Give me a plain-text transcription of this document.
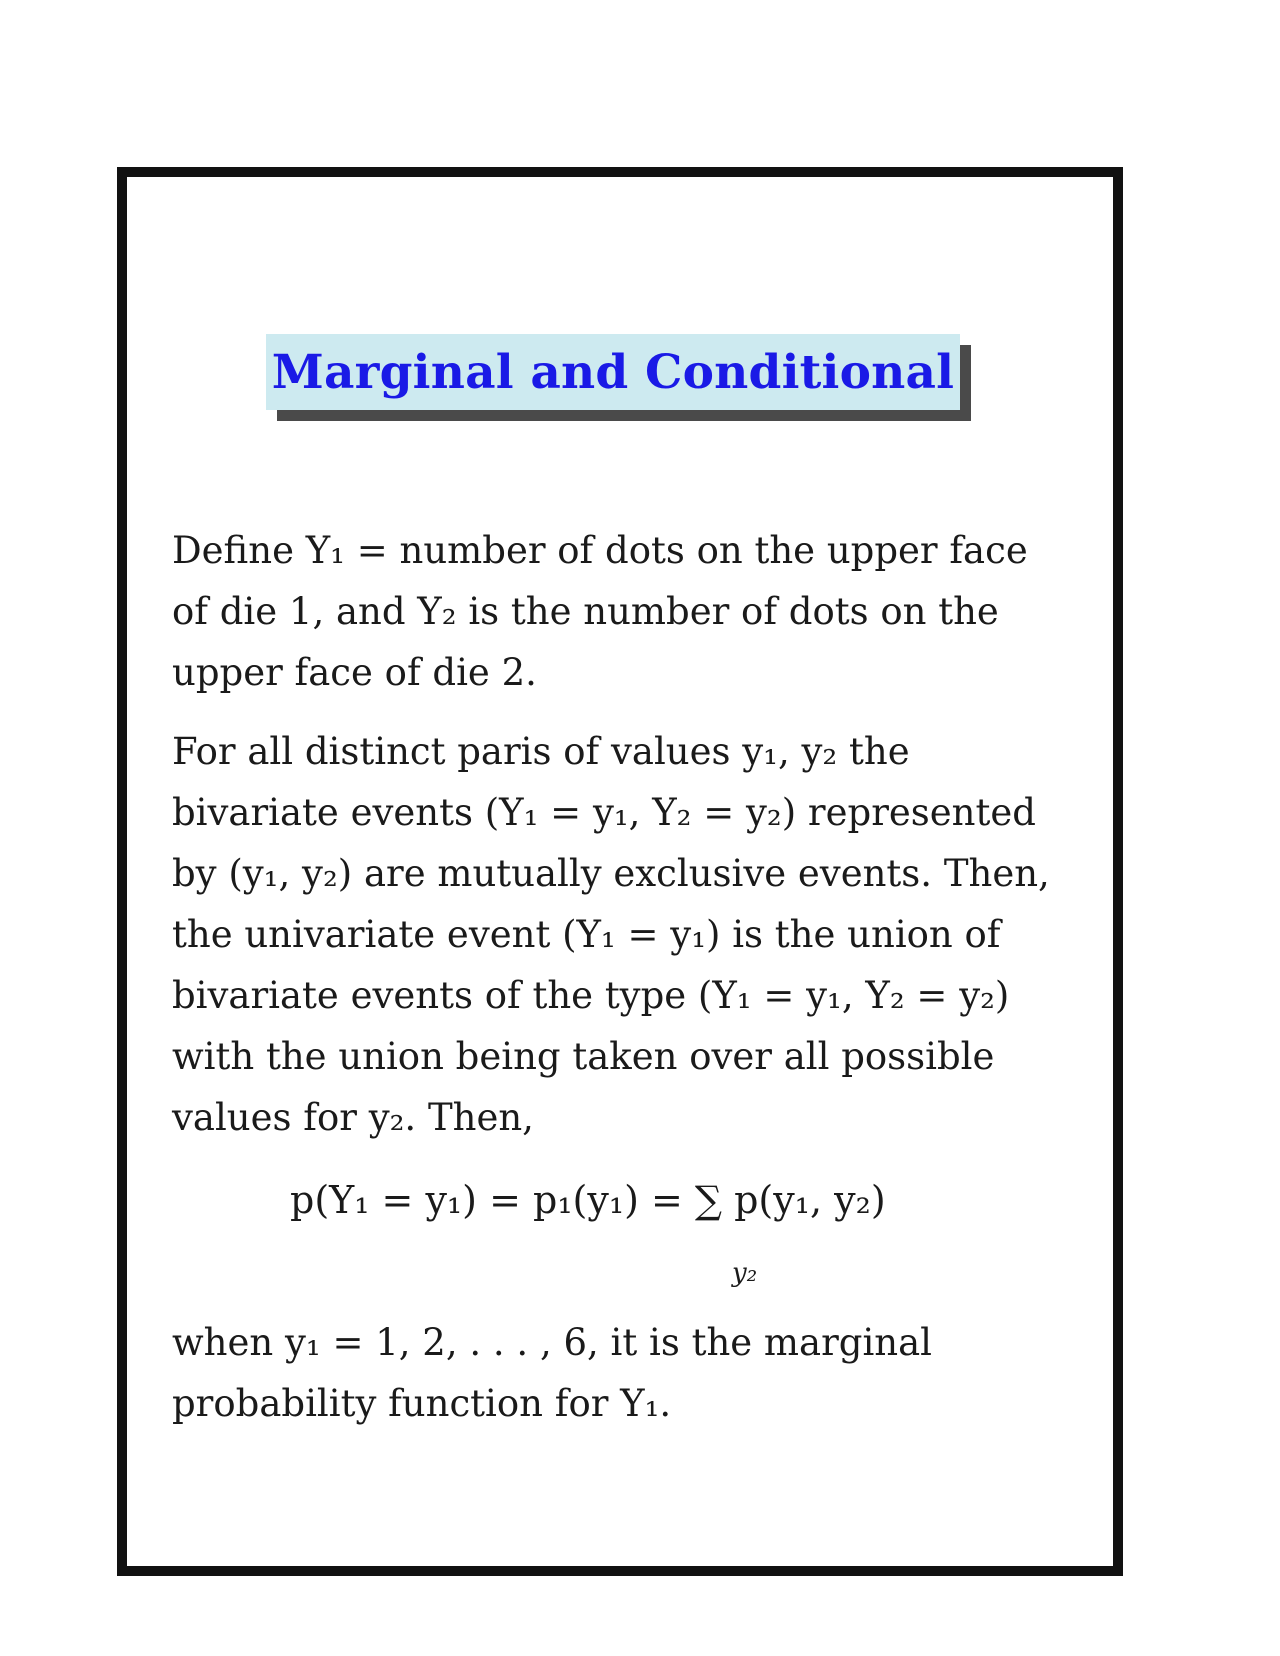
Marginal and Conditional
Define Y₁ = number of dots on the upper face
of die 1, and Y₂ is the number of dots on the
upper face of die 2.
For all distinct paris of values y₁, y₂ the
bivariate events (Y₁ = y₁, Y₂ = y₂) represented
by (y₁, y₂) are mutually exclusive events. Then,
the univariate event (Y₁ = y₁) is the union of
bivariate events of the type (Y₁ = y₁, Y₂ = y₂)
with the union being taken over all possible
values for y₂. Then,
p(Y₁ = y₁) = p₁(y₁) = ∑ p(y₁, y₂)
y₂
when y₁ = 1, 2, . . . , 6, it is the marginal
probability function for Y₁.
